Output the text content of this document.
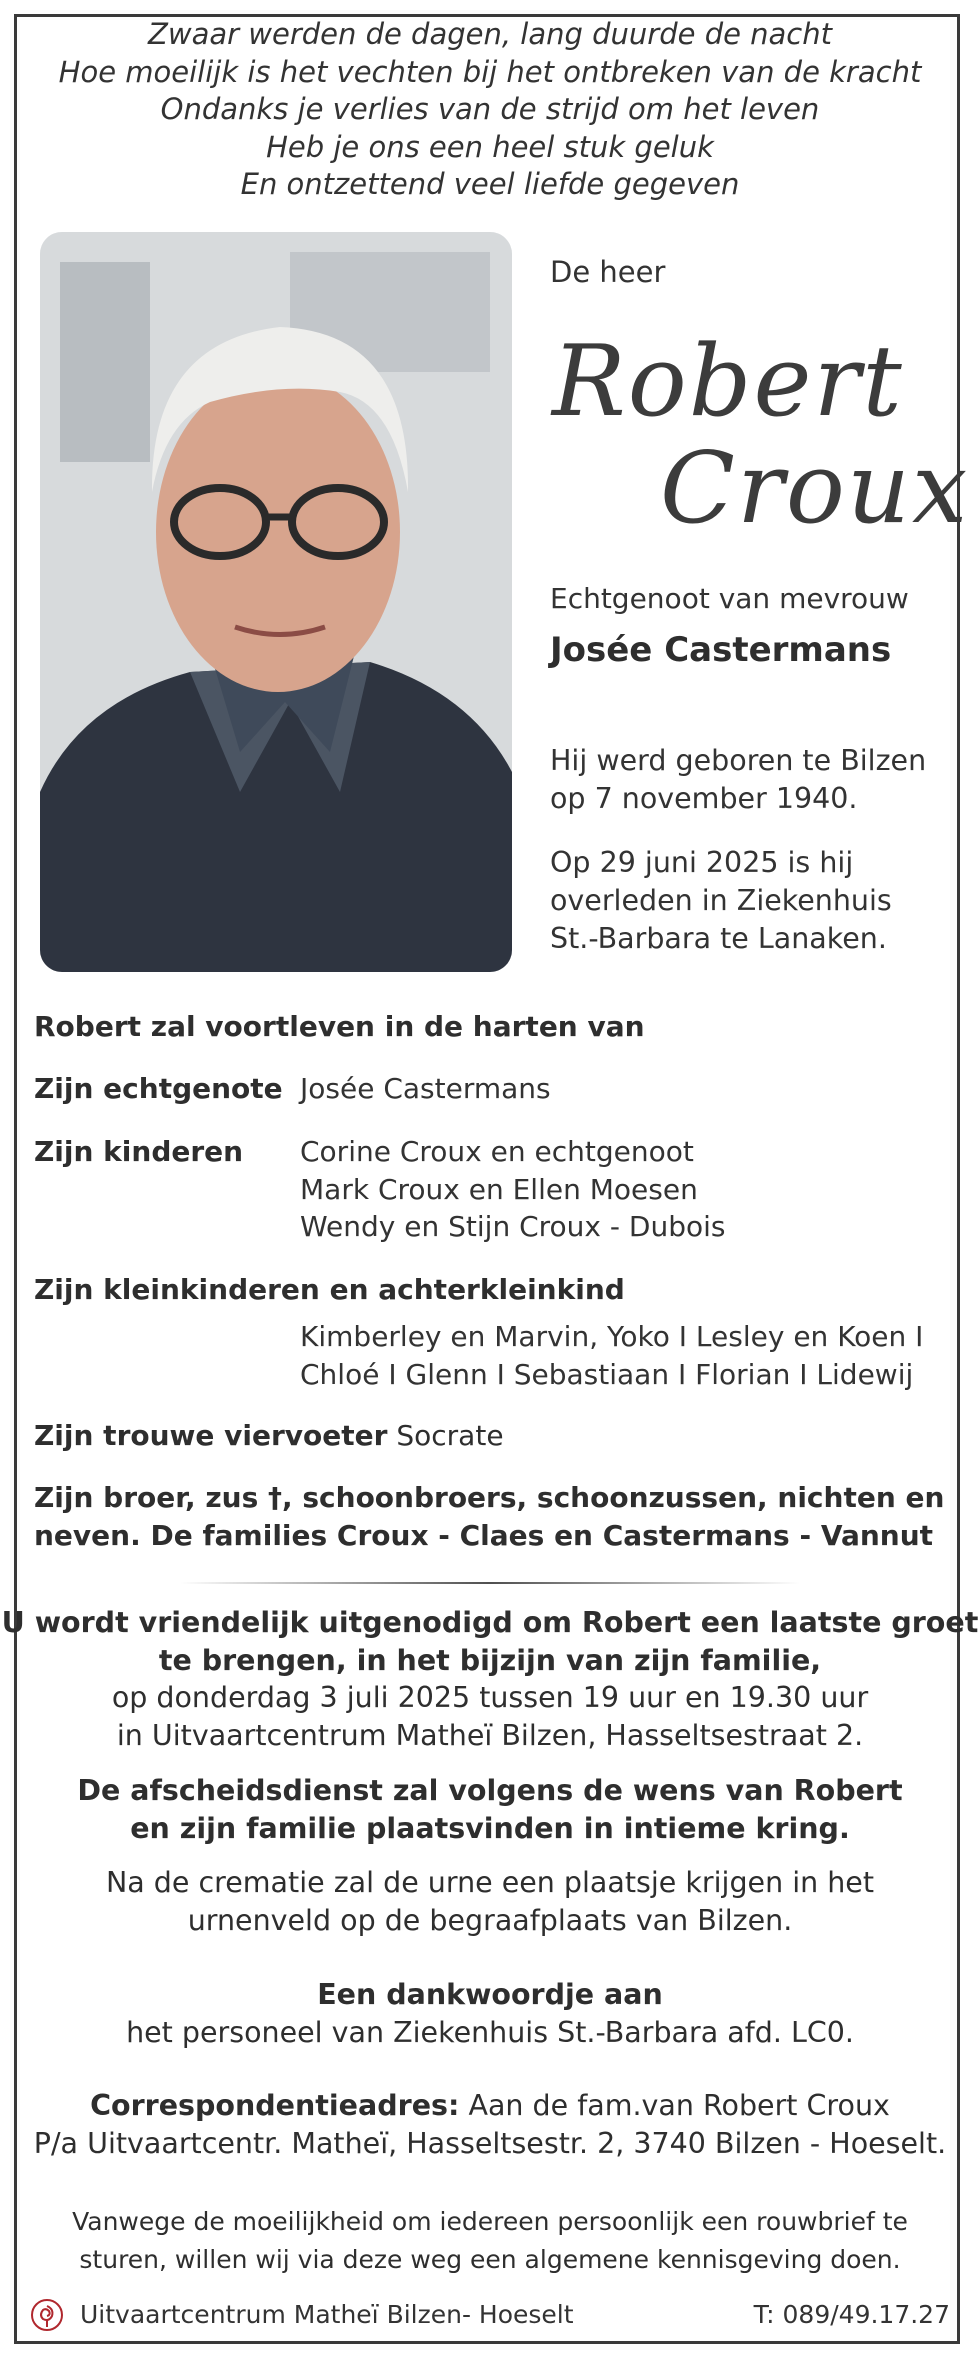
Zwaar werden de dagen, lang duurde de nacht
Hoe moeilijk is het vechten bij het ontbreken van de kracht
Ondanks je verlies van de strijd om het leven
Heb je ons een heel stuk geluk
En ontzettend veel liefde gegeven
De heer
Robert
Croux
Echtgenoot van mevrouw
Josée Castermans
Hij werd geboren te Bilzen
op 7 november 1940.
Op 29 juni 2025 is hij
overleden in Ziekenhuis
St.-Barbara te Lanaken.
Robert zal voortleven in de harten van
Zijn echtgenote Josée Castermans
Zijn kinderen Corine Croux en echtgenoot
Mark Croux en Ellen Moesen
Wendy en Stijn Croux - Dubois
Zijn kleinkinderen en achterkleinkind
Kimberley en Marvin, Yoko I Lesley en Koen I
Chloé I Glenn I Sebastiaan I Florian I Lidewij
Zijn trouwe viervoeter Socrate
Zijn broer, zus †, schoonbroers, schoonzussen, nichten en
neven. De families Croux - Claes en Castermans - Vannut
U wordt vriendelijk uitgenodigd om Robert een laatste groet
te brengen, in het bijzijn van zijn familie,
op donderdag 3 juli 2025 tussen 19 uur en 19.30 uur
in Uitvaartcentrum Matheï Bilzen, Hasseltsestraat 2.
De afscheidsdienst zal volgens de wens van Robert
en zijn familie plaatsvinden in intieme kring.
Na de crematie zal de urne een plaatsje krijgen in het
urnenveld op de begraafplaats van Bilzen.
Een dankwoordje aan
het personeel van Ziekenhuis St.-Barbara afd. LC0.
Correspondentieadres: Aan de fam.van Robert Croux
P/a Uitvaartcentr. Matheï, Hasseltsestr. 2, 3740 Bilzen - Hoeselt.
Vanwege de moeilijkheid om iedereen persoonlijk een rouwbrief te
sturen, willen wij via deze weg een algemene kennisgeving doen.
Uitvaartcentrum Matheï Bilzen- Hoeselt	T: 089/49.17.27
